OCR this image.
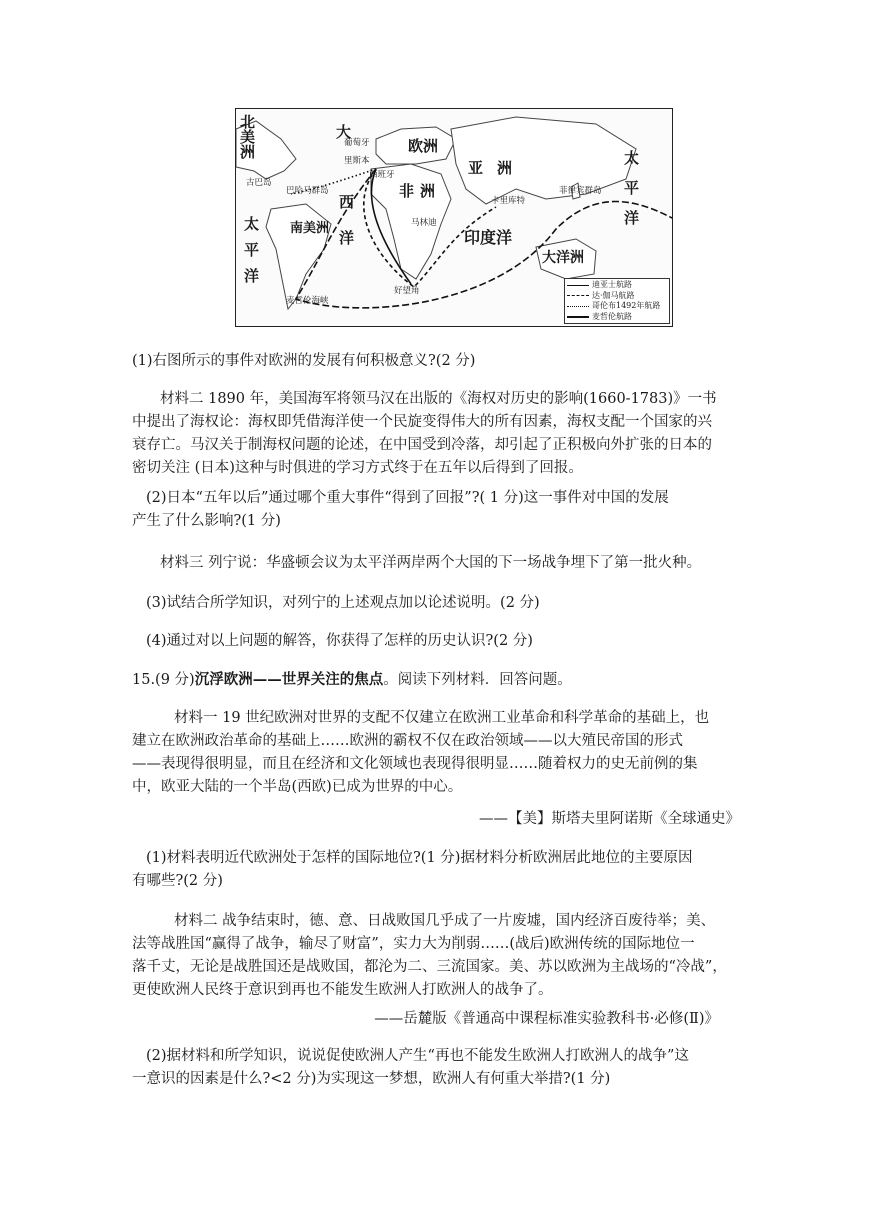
北美洲
大
西
洋
欧洲
亚洲
非洲
南美洲	印度洋
大洋洲
太平洋
太平洋
葡萄牙
里斯本
西班牙
古巴岛
巴哈马群岛	菲律宾群岛
卡里库特
马林迪
好望角
麦哲伦海峡
迪亚士航路
达·伽马航路
哥伦布1492年航路
麦哲伦航路
(1)右图所示的事件对欧洲的发展有何积极意义?(2 分)
材料二 1890 年，美国海军将领马汉在出版的《海权对历史的影响(1660-1783)》一书
中提出了海权论：海权即凭借海洋使一个民旋变得伟大的所有因素，海权支配一个国家的兴
衰存亡。马汉关于制海权问题的论述，在中国受到冷落，却引起了正积极向外扩张的日本的
密切关注 (日本)这种与时俱进的学习方式终于在五年以后得到了回报。
(2)日本“五年以后”通过哪个重大事件“得到了回报”?( 1 分)这一事件对中国的发展
产生了什么影响?(1 分)
材料三 列宁说：华盛顿会议为太平洋两岸两个大国的下一场战争埋下了第一批火种。
(3)试结合所学知识，对列宁的上述观点加以论述说明。(2 分)
(4)通过对以上问题的解答，你获得了怎样的历史认识?(2 分)
15.(9 分)沉浮欧洲——世界关注的焦点。阅读下列材料．回答问题。
材料一 19 世纪欧洲对世界的支配不仅建立在欧洲工业革命和科学革命的基础上，也
建立在欧洲政治革命的基础上……欧洲的霸权不仅在政治领域——以大殖民帝国的形式
——表现得很明显，而且在经济和文化领域也表现得很明显……随着权力的史无前例的集
中，欧亚大陆的一个半岛(西欧)已成为世界的中心。
——【美】斯塔夫里阿诺斯《全球通史》
(1)材料表明近代欧洲处于怎样的国际地位?(1 分)据材料分析欧洲居此地位的主要原因
有哪些?(2 分)
材料二 战争结束时，德、意、日战败国几乎成了一片废墟，国内经济百废待举；美、
法等战胜国“赢得了战争，输尽了财富”，实力大为削弱……(战后)欧洲传统的国际地位一
落千丈，无论是战胜国还是战败国，都沦为二、三流国家。美、苏以欧洲为主战场的“冷战”，
更使欧洲人民终于意识到再也不能发生欧洲人打欧洲人的战争了。
——岳麓版《普通高中课程标准实验教科书·必修(Ⅱ)》
(2)据材料和所学知识，说说促使欧洲人产生“再也不能发生欧洲人打欧洲人的战争”这
一意识的因素是什么?<2 分)为实现这一梦想，欧洲人有何重大举措?(1 分)
